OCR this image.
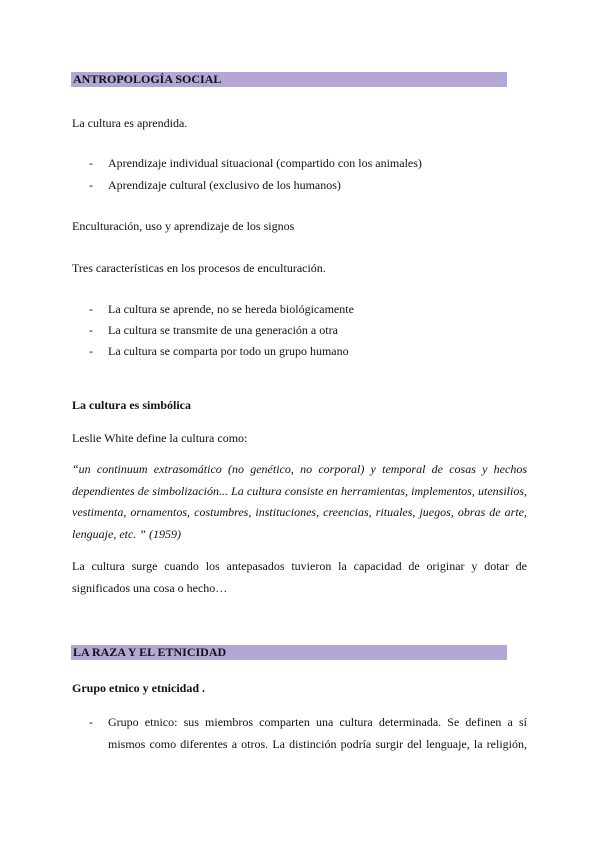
ANTROPOLOGÍA SOCIAL
La cultura es aprendida.
- Aprendizaje individual situacional (compartido con los animales)
- Aprendizaje cultural (exclusivo de los humanos)
Enculturación, uso y aprendizaje de los signos
Tres características en los procesos de enculturación.
- La cultura se aprende, no se hereda biológicamente
- La cultura se transmite de una generación a otra
- La cultura se comparta por todo un grupo humano
La cultura es simbólica
Leslie White define la cultura como:
“un continuum extrasomático (no genético, no corporal) y temporal de cosas y hechos dependientes de simbolización... La cultura consiste en herramientas, implementos, utensilios, vestimenta, ornamentos, costumbres, instituciones, creencias, rituales, juegos, obras de arte, lenguaje, etc. ” (1959)
La cultura surge cuando los antepasados tuvieron la capacidad de originar y dotar de significados una cosa o hecho…
LA RAZA Y EL ETNICIDAD
Grupo etnico y etnicidad .
- Grupo etnico: sus miembros comparten una cultura determinada. Se definen a sí mismos como diferentes a otros. La distinción podría surgir del lenguaje, la religión,
